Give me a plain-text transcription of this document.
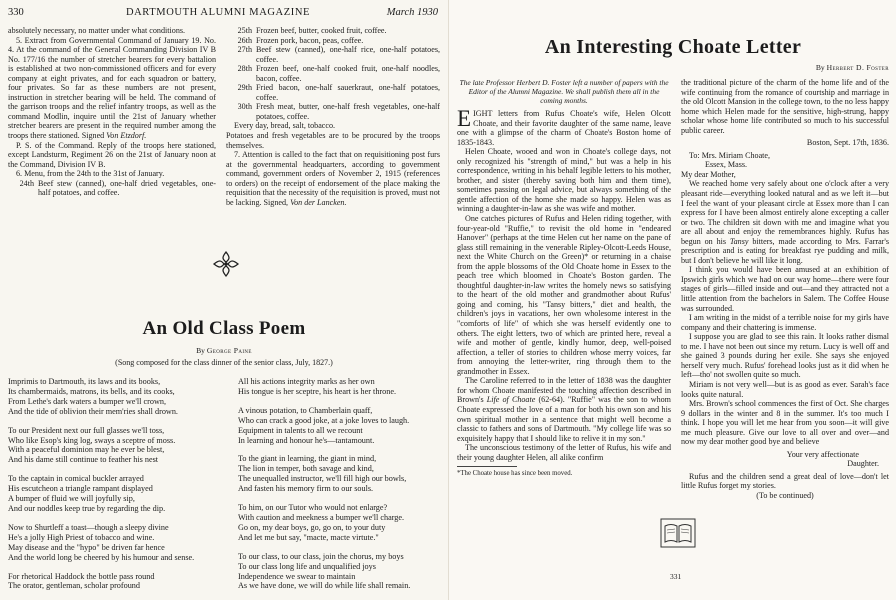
330	DARTMOUTH ALUMNI MAGAZINE	March 1930

absolutely necessary, no matter under what conditions.

5. Extract from Governmental Command of January 19. No. 4. At the command of the General Commanding Division IV B No. 177/16 the number of stretcher bearers for every battalion is established at two non-commissioned officers and for every company at eight privates, and for each squadron or battery, four privates. So far as these numbers are not present, instruction in stretcher bearing will be held. The command of the garrison troops and the relief infantry troops, as well as the command Modlin, inquire until the 21st of January whether stretcher bearers are present in the required number among the troops there stationed. Signed Von Etzdorf.

P. S. of the Command. Reply of the troops here stationed, except Landsturm, Regiment 26 on the 21st of January noon at the Command, Division IV B.

6. Menu, from the 24th to the 31st of January.

24th Beef stew (canned), one-half dried vegetables, one-half potatoes, and coffee.
25th Frozen beef, butter, cooked fruit, coffee.
26th Frozen pork, bacon, peas, coffee.
27th Beef stew (canned), one-half rice, one-half potatoes, coffee.
28th Frozen beef, one-half cooked fruit, one-half noodles, bacon, coffee.
29th Fried bacon, one-half sauerkraut, one-half potatoes, coffee.
30th Fresh meat, butter, one-half fresh vegetables, one-half potatoes, coffee.

Every day, bread, salt, tobacco.

Potatoes and fresh vegetables are to be procured by the troops themselves.

7. Attention is called to the fact that on requisitioning post furs at the governmental headquarters, according to government command, government orders of November 2, 1915 (references to orders) on the receipt of endorsement of the place making the requisition that the necessity of the requisition is proved, must not be lacking. Signed, Von der Lancken.

An Old Class Poem
By George Paine
(Song composed for the class dinner of the senior class, July, 1827.)
Imprimis to Dartmouth, its laws and its books,
Its chambermaids, matrons, its bells, and its cooks,
From Lethe's dark waters a bumper we'll crown,
And the tide of oblivion their mem'ries shall drown.
To our President next our full glasses we'll toss,
Who like Esop's king log, sways a sceptre of moss.
With a peaceful dominion may he ever be blest,
And his dame still continue to feather his nest
To the captain in comical buckler arrayed
His escutcheon a triangle rampant displayed
A bumper of fluid we will joyfully sip,
And our noddles keep true by regarding the dip.
Now to Shurtleff a toast—though a sleepy divine
He's a jolly High Priest of tobacco and wine.
May disease and the "hypo" be driven far hence
And the world long be cheered by his humour and sense.
For rhetorical Haddock the bottle pass round
The orator, gentleman, scholar profound
All his actions integrity marks as her own
His tongue is her sceptre, his heart is her throne.
A vinous potation, to Chamberlain quaff,
Who can crack a good joke, at a joke loves to laugh.
Equipment in talents to all we recount
In learning and honour he's—tantamount.
To the giant in learning, the giant in mind,
The lion in temper, both savage and kind,
The unequalled instructor, we'll fill high our bowls,
And fasten his memory firm to our souls.
To him, on our Tutor who would not enlarge?
With caution and meekness a bumper we'll charge.
Go on, my dear boys, go, go on, to your duty
And let me but say, "macte, macte virtute."
To our class, to our class, join the chorus, my boys
To our class long life and unqualified joys
Independence we swear to maintain
As we have done, we will do while life shall remain.
An Interesting Choate Letter
By Herbert D. Foster

The late Professor Herbert D. Foster left a number of papers with the Editor of the Alumni Magazine. We shall publish them all in the coming months.

EIGHT letters from Rufus Choate's wife, Helen Olcott Choate, and their favorite daughter of the same name, leave one with a glimpse of the charm of Choate's Boston home of 1835-1843.

Helen Choate, wooed and won in Choate's college days, not only recognized his "strength of mind," but was a help in his correspondence, writing in his behalf legible letters to his mother, brother, and sister (thereby saving both him and them time), sometimes passing on legal advice, but always something of the gentle affection of the home she made so happy. Helen was as winning a daughter-in-law as she was wife and mother.

One catches pictures of Rufus and Helen riding together, with four-year-old "Ruffie," to revisit the old home in "endeared Hanover" (perhaps at the time Helen cut her name on the pane of glass still remaining in the venerable Ripley-Olcott-Leeds House, next the White Church on the Green)* or returning in a chaise from the apple blossoms of the Old Choate home in Essex to the peach tree which bloomed in Choate's Boston garden. The thoughtful daughter-in-law writes the homely news so satisfying to the heart of the old mother and grandmother about Rufus' going and coming, his "Tansy bitters," diet and health, the children's joys in vacations, her own wholesome interest in the "comforts of life" of which she was herself evidently one to others. The eight letters, two of which are printed here, reveal a wife and mother of gentle, kindly humor, deep, well-poised affection, a teller of stories to children whose merry voices, far from annoying the letter-writer, ring through them to the grandmother in Essex.

The Caroline referred to in the letter of 1838 was the daughter for whom Choate manifested the touching affection described in Brown's Life of Choate (62-64). "Ruffie" was the son to whom Choate expressed the love of a man for both his own son and his own spiritual mother in a sentence that might well become a classic to fathers and sons of Dartmouth. "My college life was so exquisitely happy that I should like to relive it in my son."

The unconscious testimony of the letter of Rufus, his wife and their young daughter Helen, all alike confirm

*The Choate house has since been moved.

the traditional picture of the charm of the home life and of the wife continuing from the romance of courtship and marriage in the old Olcott Mansion in the college town, to the no less happy home which Helen made for the sensitive, high-strung, happy scholar whose home life contributed so much to his successful public career.

Boston, Sept. 17th, 1836.

To: Mrs. Miriam Choate,

Essex, Mass.

My dear Mother,

We reached home very safely about one o'clock after a very pleasant ride—everything looked natural and as we left it—but I feel the want of your pleasant circle at Essex more than I can express for I have been almost entirely alone excepting a caller or two. The children sit down with me and imagine what you are all about and enjoy the remembrances highly. Rufus has begun on his Tansy bitters, made according to Mrs. Farrar's prescription and is eating for breakfast rye pudding and milk, but I don't believe he will like it long.

I think you would have been amused at an exhibition of Ipswich girls which we had on our way home—there were four stages of girls—filled inside and out—and they attracted not a little attention from the bachelors in Salem. The Coffee House was surrounded.

I am writing in the midst of a terrible noise for my girls have company and their chattering is immense.

I suppose you are glad to see this rain. It looks rather dismal to me. I have not been out since my return. Lucy is well off and she gained 3 pounds during her exile. She says she enjoyed herself very much. Rufus' forehead looks just as it did when he left—tho' not swollen quite so much.

Miriam is not very well—but is as good as ever. Sarah's face looks quite natural.

Mrs. Brown's school commences the first of Oct. She charges 9 dollars in the winter and 8 in the summer. It's too much I think. I hope you will let me hear from you soon—it will give me much pleasure. Give our love to all over and over—and now my dear mother good bye and believe

Your very affectionate

Daughter.

Rufus and the children send a great deal of love—don't let little Rufus forget my stories.

(To be continued)

331
